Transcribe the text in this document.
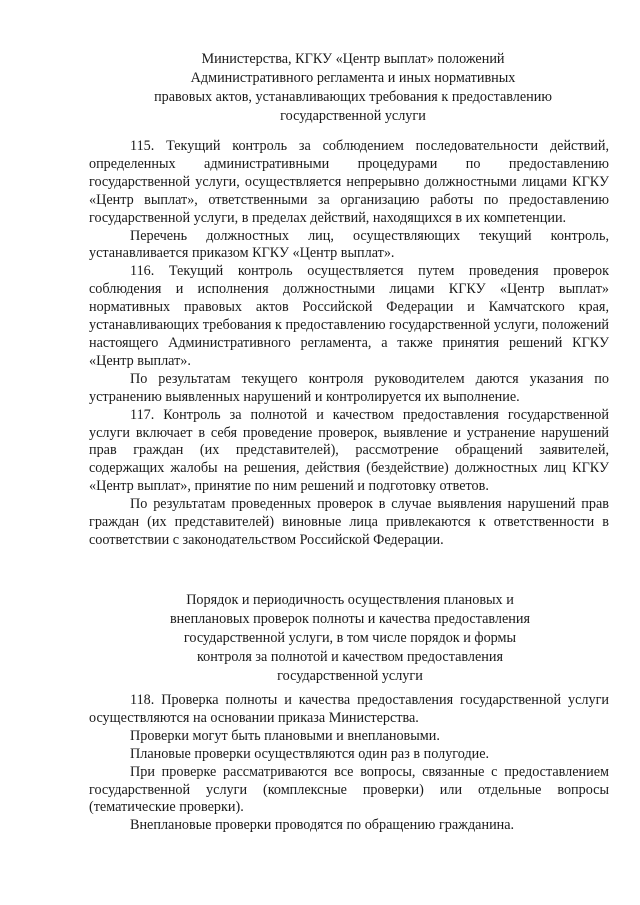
Министерства, КГКУ «Центр выплат» положений
Административного регламента и иных нормативных
правовых актов, устанавливающих требования к предоставлению
государственной услуги

115. Текущий контроль за соблюдением последовательности действий, определенных административными процедурами по предоставлению государственной услуги, осуществляется непрерывно должностными лицами КГКУ «Центр выплат», ответственными за организацию работы по предоставлению государственной услуги, в пределах действий, находящихся в их компетенции.

Перечень должностных лиц, осуществляющих текущий контроль, устанавливается приказом КГКУ «Центр выплат».

116. Текущий контроль осуществляется путем проведения проверок соблюдения и исполнения должностными лицами КГКУ «Центр выплат» нормативных правовых актов Российской Федерации и Камчатского края, устанавливающих требования к предоставлению государственной услуги, положений настоящего Административного регламента, а также принятия решений КГКУ «Центр выплат».

По результатам текущего контроля руководителем даются указания по устранению выявленных нарушений и контролируется их выполнение.

117. Контроль за полнотой и качеством предоставления государственной услуги включает в себя проведение проверок, выявление и устранение нарушений прав граждан (их представителей), рассмотрение обращений заявителей, содержащих жалобы на решения, действия (бездействие) должностных лиц КГКУ «Центр выплат», принятие по ним решений и подготовку ответов.

По результатам проведенных проверок в случае выявления нарушений прав граждан (их представителей) виновные лица привлекаются к ответственности в соответствии с законодательством Российской Федерации.

Порядок и периодичность осуществления плановых и
внеплановых проверок полноты и качества предоставления
государственной услуги, в том числе порядок и формы
контроля за полнотой и качеством предоставления
государственной услуги

118. Проверка полноты и качества предоставления государственной услуги осуществляются на основании приказа Министерства.

Проверки могут быть плановыми и внеплановыми.

Плановые проверки осуществляются один раз в полугодие.

При проверке рассматриваются все вопросы, связанные с предоставлением государственной услуги (комплексные проверки) или отдельные вопросы (тематические проверки).

Внеплановые проверки проводятся по обращению гражданина.
